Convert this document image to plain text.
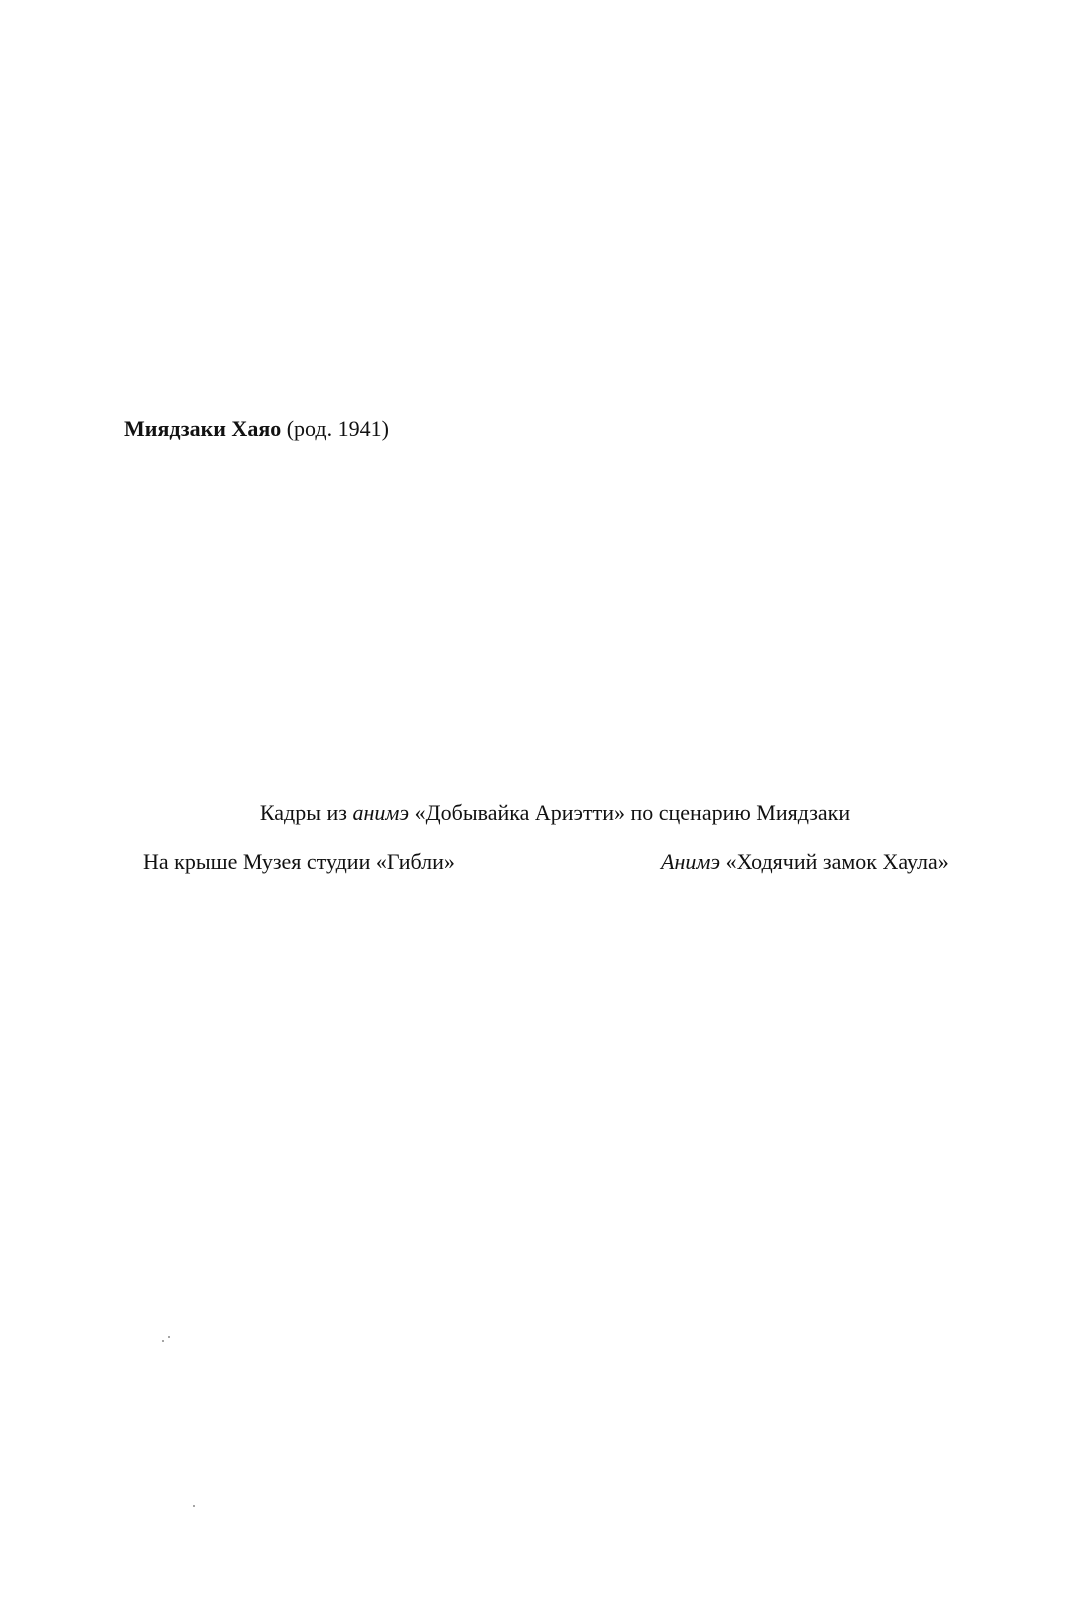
Миядзаки Хаяо (род. 1941)
Кадры из анимэ «Добывайка Ариэтти» по сценарию Миядзаки
На крыше Музея студии «Гибли»	Анимэ «Ходячий замок Хаула»
